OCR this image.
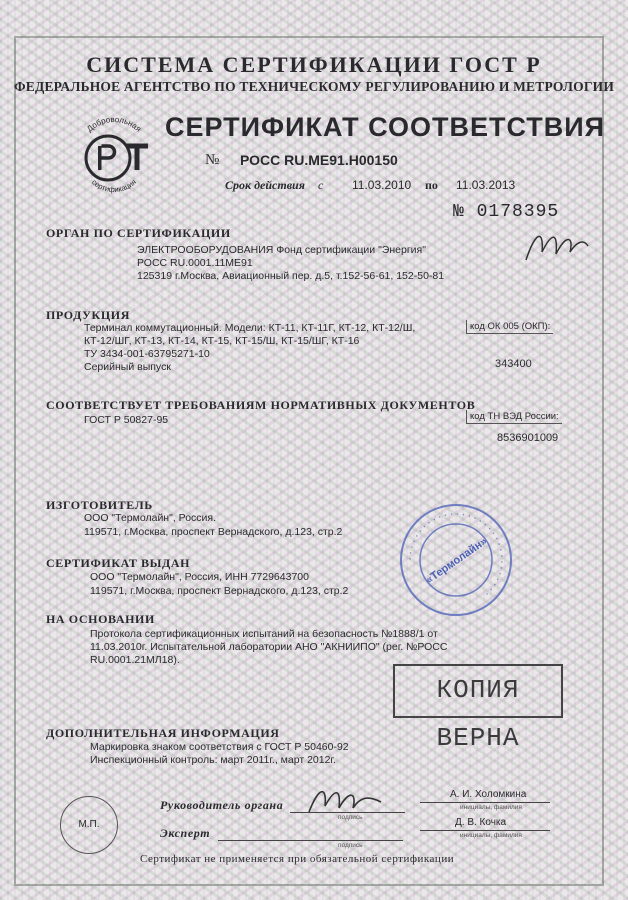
СИСТЕМА СЕРТИФИКАЦИИ ГОСТ Р
ФЕДЕРАЛЬНОЕ АГЕНТСТВО ПО ТЕХНИЧЕСКОМУ РЕГУЛИРОВАНИЮ И МЕТРОЛОГИИ
Добровольная
сертификация
СЕРТИФИКАТ СООТВЕТСТВИЯ
№ РОСС RU.МЕ91.Н00150
Срок действия с 11.03.2010 по 11.03.2013
№ 0178395
ОРГАН ПО СЕРТИФИКАЦИИ
ЭЛЕКТРООБОРУДОВАНИЯ Фонд сертификации "Энергия"
РОСС RU.0001.11МЕ91
125319 г.Москва, Авиационный пер. д.5, т.152-56-61, 152-50-81
ПРОДУКЦИЯ
Терминал коммутационный. Модели: КТ-11, КТ-11Г, КТ-12, КТ-12/Ш,
КТ-12/ШГ, КТ-13, КТ-14, КТ-15, КТ-15/Ш, КТ-15/ШГ, КТ-16
ТУ 3434-001-63795271-10
Серийный выпуск
код ОК 005 (ОКП):
343400
СООТВЕТСТВУЕТ ТРЕБОВАНИЯМ НОРМАТИВНЫХ ДОКУМЕНТОВ
ГОСТ Р 50827-95	код ТН ВЭД России:
8536901009
ИЗГОТОВИТЕЛЬ
ООО "Термолайн", Россия.
119571, г.Москва, проспект Вернадского, д.123, стр.2
СЕРТИФИКАТ ВЫДАН
ООО "Термолайн", Россия, ИНН 7729643700
119571, г.Москва, проспект Вернадского, д.123, стр.2
НА ОСНОВАНИИ
Протокола сертификационных испытаний на безопасность №1888/1 от
11.03.2010г. Испытательной лаборатории АНО "АКНИИПО" (рег. №РОСС
RU.0001.21МЛ18).
• • • • • • • • • • • • • • • • • • • • • • • • • • • • • • •
«Термолайн»
КОПИЯ ВЕРНА
ДОПОЛНИТЕЛЬНАЯ ИНФОРМАЦИЯ
Маркировка знаком соответствия с ГОСТ Р 50460-92
Инспекционный контроль: март 2011г., март 2012г.
М.П.
Руководитель органа
подпись
А. И. Холомкина
инициалы, фамилия
Эксперт
подпись
Д. В. Кочка
инициалы, фамилия
Сертификат не применяется при обязательной сертификации
